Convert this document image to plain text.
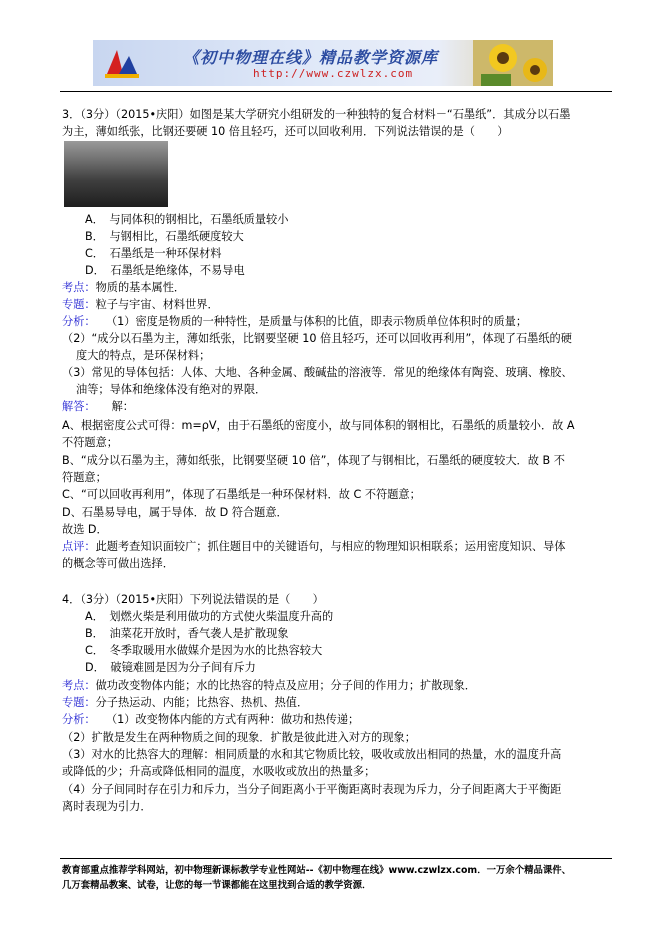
《初中物理在线》精品教学资源库
http://www.czwlzx.com
3．（3分）（2015•庆阳）如图是某大学研究小组研发的一种独特的复合材料－“石墨纸”．其成分以石墨
为主，薄如纸张，比钢还要硬 10 倍且轻巧，还可以回收利用．下列说法错误的是（　　）
A．　与同体积的钢相比，石墨纸质量较小
B．　与钢相比，石墨纸硬度较大
C．　石墨纸是一种环保材料
D．　石墨纸是绝缘体，不易导电
考点：物质的基本属性．
专题：粒子与宇宙、材料世界．
分析： （1）密度是物质的一种特性，是质量与体积的比值，即表示物质单位体积时的质量；
（2）“成分以石墨为主，薄如纸张，比钢要坚硬 10 倍且轻巧，还可以回收再利用”，体现了石墨纸的硬
度大的特点，是环保材料；
（3）常见的导体包括：人体、大地、各种金属、酸碱盐的溶液等．常见的绝缘体有陶瓷、玻璃、橡胶、
油等；导体和绝缘体没有绝对的界限．
解答： 解：
A、根据密度公式可得：m=ρV，由于石墨纸的密度小，故与同体积的钢相比，石墨纸的质量较小．故 A
不符题意；
B、“成分以石墨为主，薄如纸张，比钢要坚硬 10 倍”，体现了与钢相比，石墨纸的硬度较大．故 B 不
符题意；
C、“可以回收再利用”，体现了石墨纸是一种环保材料．故 C 不符题意；
D、石墨易导电，属于导体．故 D 符合题意．
故选 D．
点评：此题考查知识面较广；抓住题目中的关键语句，与相应的物理知识相联系；运用密度知识、导体
的概念等可做出选择．
4．（3分）（2015•庆阳）下列说法错误的是（　　）
A．　划燃火柴是利用做功的方式使火柴温度升高的
B．　油菜花开放时，香气袭人是扩散现象
C．　冬季取暖用水做媒介是因为水的比热容较大
D．　破镜难圆是因为分子间有斥力
考点：做功改变物体内能；水的比热容的特点及应用；分子间的作用力；扩散现象．
专题：分子热运动、内能；比热容、热机、热值．
分析： （1）改变物体内能的方式有两种：做功和热传递；
（2）扩散是发生在两种物质之间的现象．扩散是彼此进入对方的现象；
（3）对水的比热容大的理解：相同质量的水和其它物质比较，吸收或放出相同的热量，水的温度升高
或降低的少；升高或降低相同的温度，水吸收或放出的热量多；
（4）分子间同时存在引力和斥力，当分子间距离小于平衡距离时表现为斥力，分子间距离大于平衡距
离时表现为引力．
教育部重点推荐学科网站，初中物理新课标教学专业性网站--《初中物理在线》www.czwlzx.com．一万余个精品课件、
几万套精品教案、试卷，让您的每一节课都能在这里找到合适的教学资源．
